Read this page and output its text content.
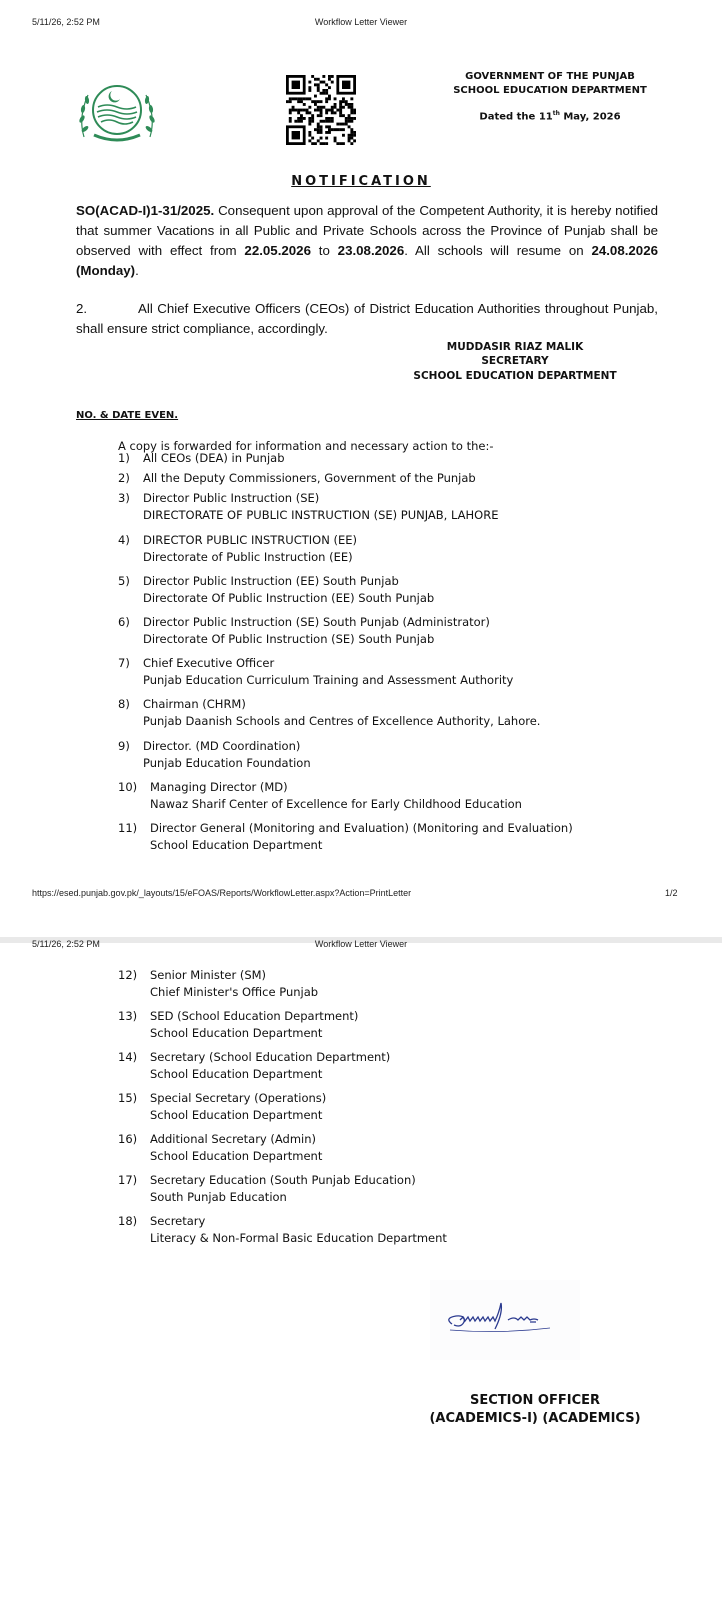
5/11/26, 2:52 PM	Workflow Letter Viewer
GOVERNMENT OF THE PUNJAB
SCHOOL EDUCATION DEPARTMENT
Dated the 11th May, 2026
NOTIFICATION
SO(ACAD-I)1-31/2025. Consequent upon approval of the Competent Authority, it is hereby notified that summer Vacations in all Public and Private Schools across the Province of Punjab shall be observed with effect from 22.05.2026 to 23.08.2026. All schools will resume on 24.08.2026 (Monday).
2.	All Chief Executive Officers (CEOs) of District Education Authorities throughout Punjab, shall ensure strict compliance, accordingly.
MUDDASIR RIAZ MALIK
SECRETARY
SCHOOL EDUCATION DEPARTMENT
NO. & DATE EVEN.
A copy is forwarded for information and necessary action to the:-
1) All CEOs (DEA) in Punjab
2) All the Deputy Commissioners, Government of the Punjab
3) Director Public Instruction (SE)
DIRECTORATE OF PUBLIC INSTRUCTION (SE) PUNJAB, LAHORE
4) DIRECTOR PUBLIC INSTRUCTION (EE)
Directorate of Public Instruction (EE)
5) Director Public Instruction (EE) South Punjab
Directorate Of Public Instruction (EE) South Punjab
6) Director Public Instruction (SE) South Punjab (Administrator)
Directorate Of Public Instruction (SE) South Punjab
7) Chief Executive Officer
Punjab Education Curriculum Training and Assessment Authority
8) Chairman (CHRM)
Punjab Daanish Schools and Centres of Excellence Authority, Lahore.
9) Director. (MD Coordination)
Punjab Education Foundation
10) Managing Director (MD)
Nawaz Sharif Center of Excellence for Early Childhood Education
11) Director General (Monitoring and Evaluation) (Monitoring and Evaluation)
School Education Department
https://esed.punjab.gov.pk/_layouts/15/eFOAS/Reports/WorkflowLetter.aspx?Action=PrintLetter	1/2
5/11/26, 2:52 PM	Workflow Letter Viewer
12) Senior Minister (SM)
Chief Minister's Office Punjab
13) SED (School Education Department)
School Education Department
14) Secretary (School Education Department)
School Education Department
15) Special Secretary (Operations)
School Education Department
16) Additional Secretary (Admin)
School Education Department
17) Secretary Education (South Punjab Education)
South Punjab Education
18) Secretary
Literacy & Non-Formal Basic Education Department
SECTION OFFICER
(ACADEMICS-I) (ACADEMICS)
